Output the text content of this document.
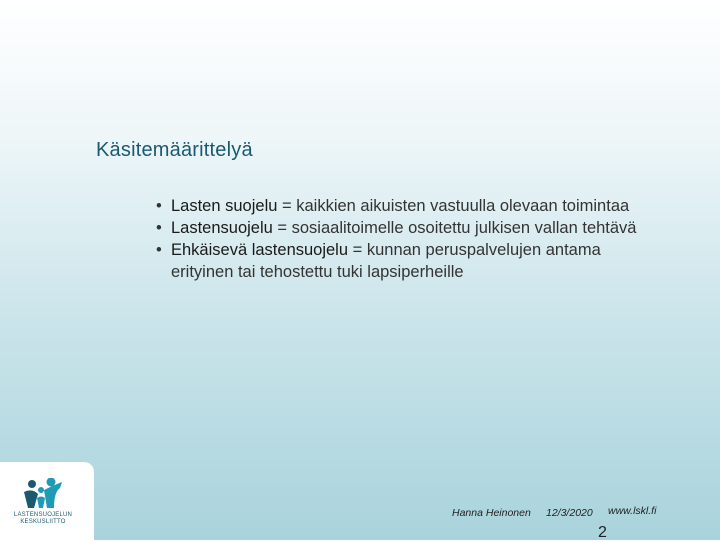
Käsitemäärittelyä
• Lasten suojelu = kaikkien aikuisten vastuulla olevaan toimintaa
• Lastensuojelu = sosiaalitoimelle osoitettu julkisen vallan tehtävä
• Ehkäisevä lastensuojelu = kunnan peruspalvelujen antama erityinen tai tehostettu tuki lapsiperheille
LASTENSUOJELUN
KESKUSLIITTO
Hanna Heinonen 12/3/2020 www.lskl.fi
2
